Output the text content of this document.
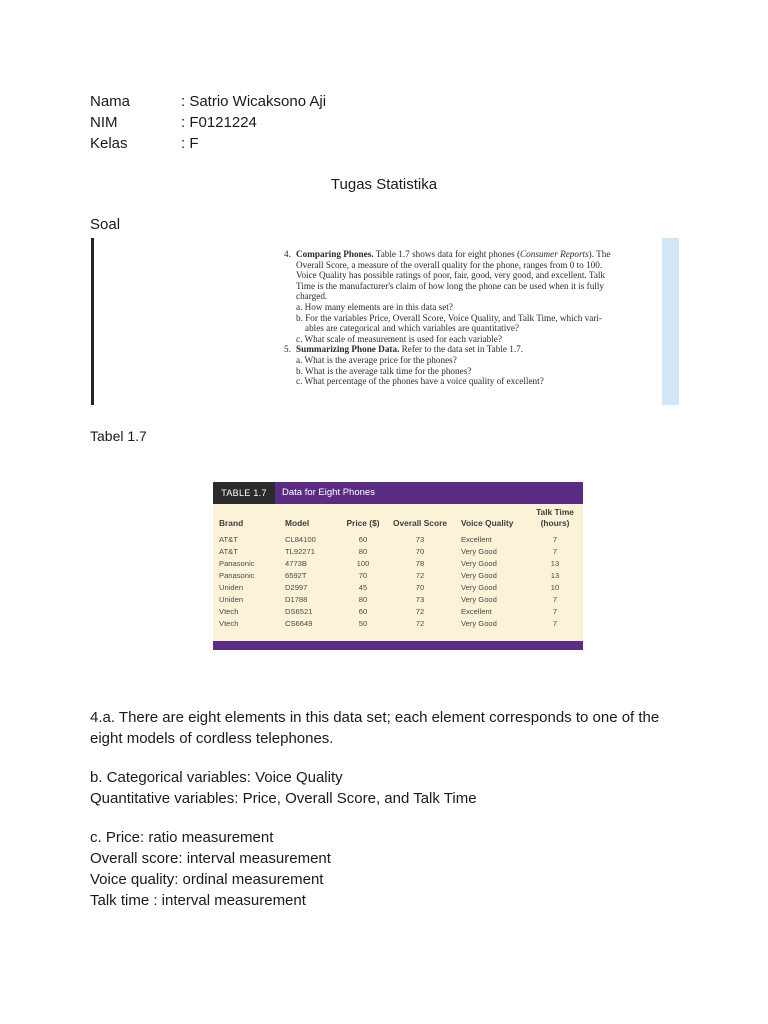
Nama	: Satrio Wicaksono Aji
NIM	: F0121224
Kelas	: F
Tugas Statistika
Soal
4. Comparing Phones. Table 1.7 shows data for eight phones (Consumer Reports). The
Overall Score, a measure of the overall quality for the phone, ranges from 0 to 100.
Voice Quality has possible ratings of poor, fair, good, very good, and excellent. Talk
Time is the manufacturer's claim of how long the phone can be used when it is fully
charged.
a. How many elements are in this data set?
b. For the variables Price, Overall Score, Voice Quality, and Talk Time, which vari-
ables are categorical and which variables are quantitative?
c. What scale of measurement is used for each variable?
5. Summarizing Phone Data. Refer to the data set in Table 1.7.
a. What is the average price for the phones?
b. What is the average talk time for the phones?
c. What percentage of the phones have a voice quality of excellent?
Tabel 1.7
TABLE 1.7	Data for Eight Phones
Brand	Model	Price ($)	Overall Score	Voice Quality
Talk Time
(hours)
AT&T	CL84100	60	73	Excellent	7
AT&T	TL92271	80	70	Very Good	7
Panasonic	4773B	100	78	Very Good	13
Panasonic	6592T	70	72	Very Good	13
Uniden	D2997	45	70	Very Good	10
Uniden	D1788	80	73	Very Good	7
Vtech	DS6521	60	72	Excellent	7
Vtech	CS6649	50	72	Very Good	7

4.a. There are eight elements in this data set; each element corresponds to one of the

eight models of cordless telephones.

b. Categorical variables: Voice Quality

Quantitative variables: Price, Overall Score, and Talk Time

c. Price: ratio measurement

Overall score: interval measurement

Voice quality: ordinal measurement

Talk time : interval measurement
